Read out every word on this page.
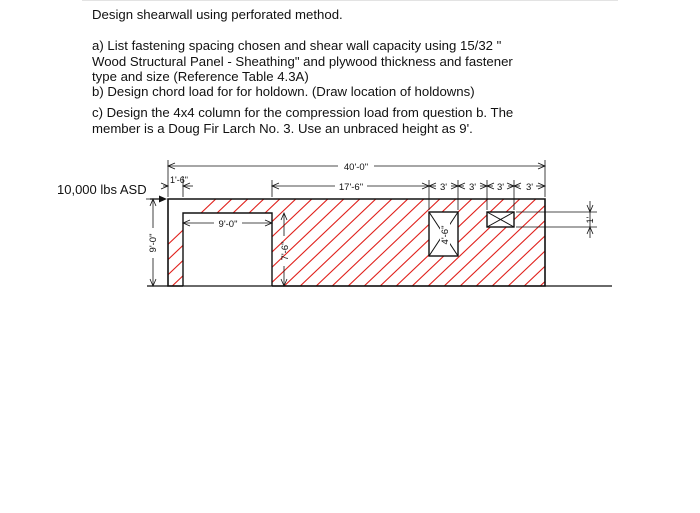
Design shearwall using perforated method.
a) List fastening spacing chosen and shear wall capacity using 15/32 "
Wood Structural Panel - Sheathing" and plywood thickness and fastener
type and size (Reference Table 4.3A)
b) Design chord load for for holdown. (Draw location of holdowns)
c) Design the 4x4 column for the compression load from question b. The
member is a Doug Fir Larch No. 3. Use an unbraced height as 9'.
10,000 lbs ASD
40'-0"
17'-6"
1'-6"
3' 3' 3' 3'
9'-0"
9'-0"	7'-6"
4'-6"
1'
